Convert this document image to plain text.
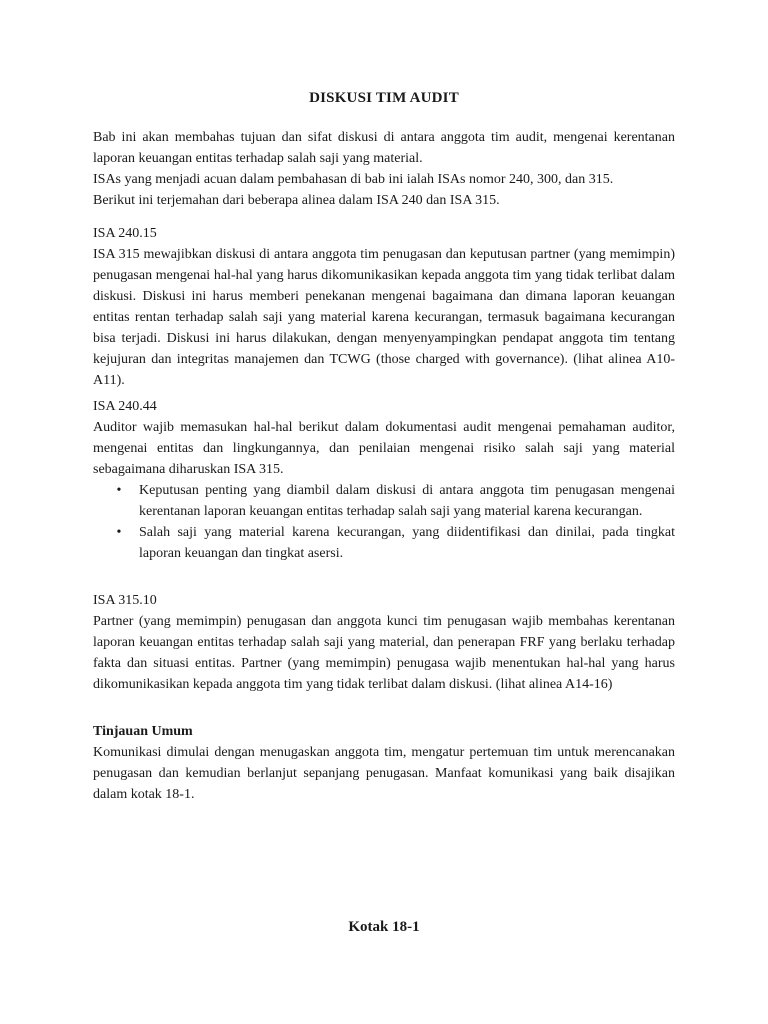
DISKUSI TIM AUDIT

Bab ini akan membahas tujuan dan sifat diskusi di antara anggota tim audit, mengenai kerentanan laporan keuangan entitas terhadap salah saji yang material.

ISAs yang menjadi acuan dalam pembahasan di bab ini ialah ISAs nomor 240, 300, dan 315.

Berikut ini terjemahan dari beberapa alinea dalam ISA 240 dan ISA 315.

ISA 240.15

ISA 315 mewajibkan diskusi di antara anggota tim penugasan dan keputusan partner (yang memimpin) penugasan mengenai hal-hal yang harus dikomunikasikan kepada anggota tim yang tidak terlibat dalam diskusi. Diskusi ini harus memberi penekanan mengenai bagaimana dan dimana laporan keuangan entitas rentan terhadap salah saji yang material karena kecurangan, termasuk bagaimana kecurangan bisa terjadi. Diskusi ini harus dilakukan, dengan menyenyampingkan pendapat anggota tim tentang kejujuran dan integritas manajemen dan TCWG (those charged with governance). (lihat alinea A10-A11).

ISA 240.44

Auditor wajib memasukan hal-hal berikut dalam dokumentasi audit mengenai pemahaman auditor, mengenai entitas dan lingkungannya, dan penilaian mengenai risiko salah saji yang material sebagaimana diharuskan ISA 315.

• Keputusan penting yang diambil dalam diskusi di antara anggota tim penugasan mengenai kerentanan laporan keuangan entitas terhadap salah saji yang material karena kecurangan.
• Salah saji yang material karena kecurangan, yang diidentifikasi dan dinilai, pada tingkat laporan keuangan dan tingkat asersi.

ISA 315.10

Partner (yang memimpin) penugasan dan anggota kunci tim penugasan wajib membahas kerentanan laporan keuangan entitas terhadap salah saji yang material, dan penerapan FRF yang berlaku terhadap fakta dan situasi entitas. Partner (yang memimpin) penugasa wajib menentukan hal-hal yang harus dikomunikasikan kepada anggota tim yang tidak terlibat dalam diskusi. (lihat alinea A14-16)

Tinjauan Umum

Komunikasi dimulai dengan menugaskan anggota tim, mengatur pertemuan tim untuk merencanakan penugasan dan kemudian berlanjut sepanjang penugasan. Manfaat komunikasi yang baik disajikan dalam kotak 18-1.

Kotak 18-1
